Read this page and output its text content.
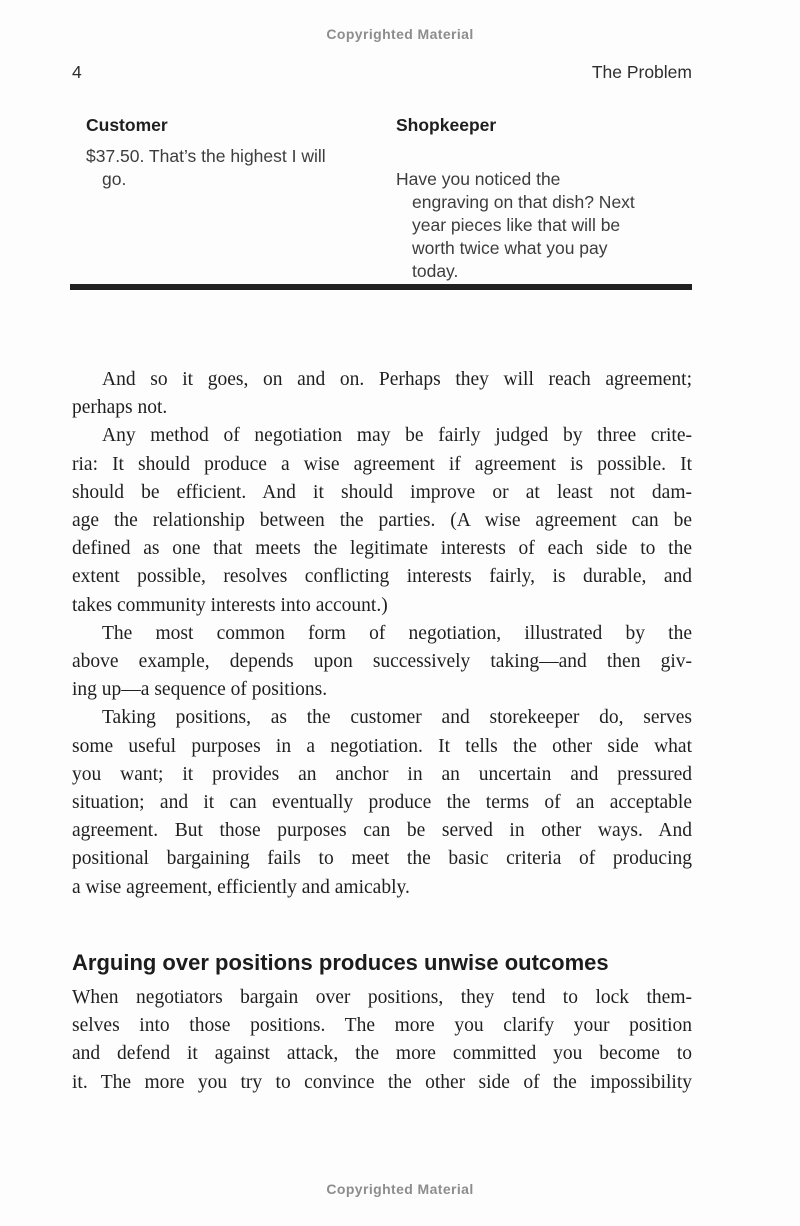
Copyrighted Material
4	The Problem
Customer
$37.50. That’s the highest I will
go.
Shopkeeper
Have you noticed the
engraving on that dish? Next
year pieces like that will be
worth twice what you pay
today.
And so it goes, on and on. Perhaps they will reach agreement;
perhaps not.
Any method of negotiation may be fairly judged by three crite-
ria: It should produce a wise agreement if agreement is possible. It
should be efficient. And it should improve or at least not dam-
age the relationship between the parties. (A wise agreement can be
defined as one that meets the legitimate interests of each side to the
extent possible, resolves conflicting interests fairly, is durable, and
takes community interests into account.)
The most common form of negotiation, illustrated by the
above example, depends upon successively taking—and then giv-
ing up—a sequence of positions.
Taking positions, as the customer and storekeeper do, serves
some useful purposes in a negotiation. It tells the other side what
you want; it provides an anchor in an uncertain and pressured
situation; and it can eventually produce the terms of an acceptable
agreement. But those purposes can be served in other ways. And
positional bargaining fails to meet the basic criteria of producing
a wise agreement, efficiently and amicably.
Arguing over positions produces unwise outcomes
When negotiators bargain over positions, they tend to lock them-
selves into those positions. The more you clarify your position
and defend it against attack, the more committed you become to
it. The more you try to convince the other side of the impossibility
Copyrighted Material
